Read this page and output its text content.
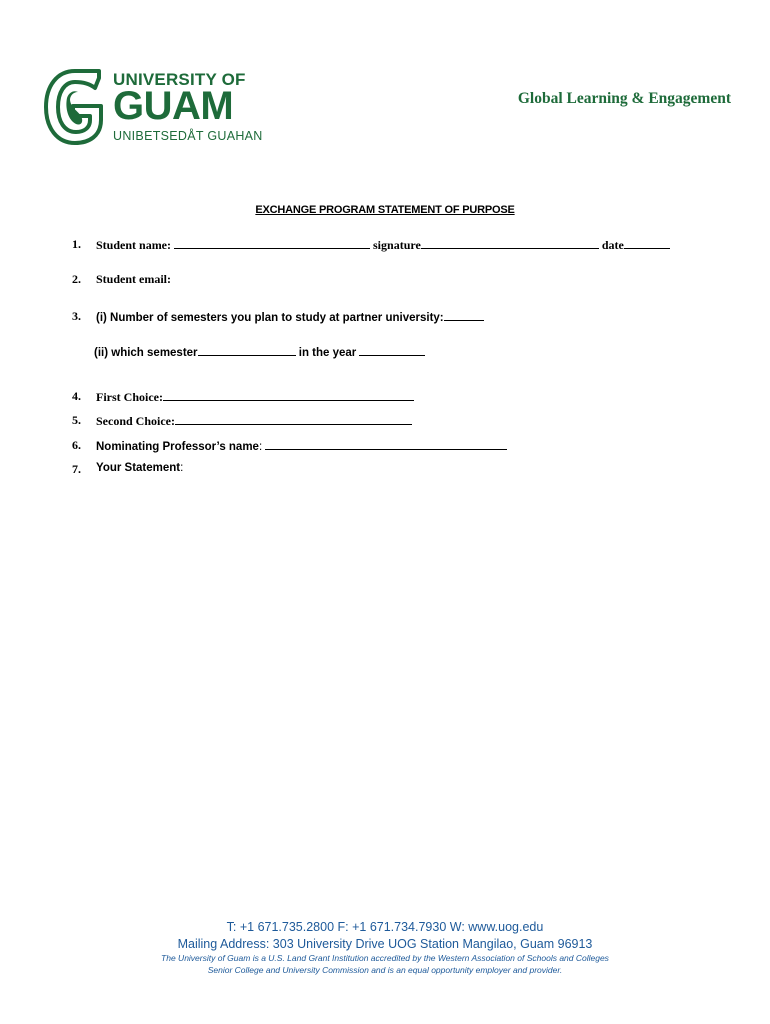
UNIVERSITY OF
GUAM
UNIBETSEDÅT GUAHAN
Global Learning & Engagement
EXCHANGE PROGRAM STATEMENT OF PURPOSE
1. Student name:	signature	date
2. Student email:
3. (i) Number of semesters you plan to study at partner university:
(ii) which semester	in the year
4. First Choice:
5. Second Choice:
6. Nominating Professor’s name:
7. Your Statement:
T: +1 671.735.2800 F: +1 671.734.7930 W: www.uog.edu
Mailing Address: 303 University Drive UOG Station Mangilao, Guam 96913
The University of Guam is a U.S. Land Grant Institution accredited by the Western Association of Schools and Colleges
Senior College and University Commission and is an equal opportunity employer and provider.
